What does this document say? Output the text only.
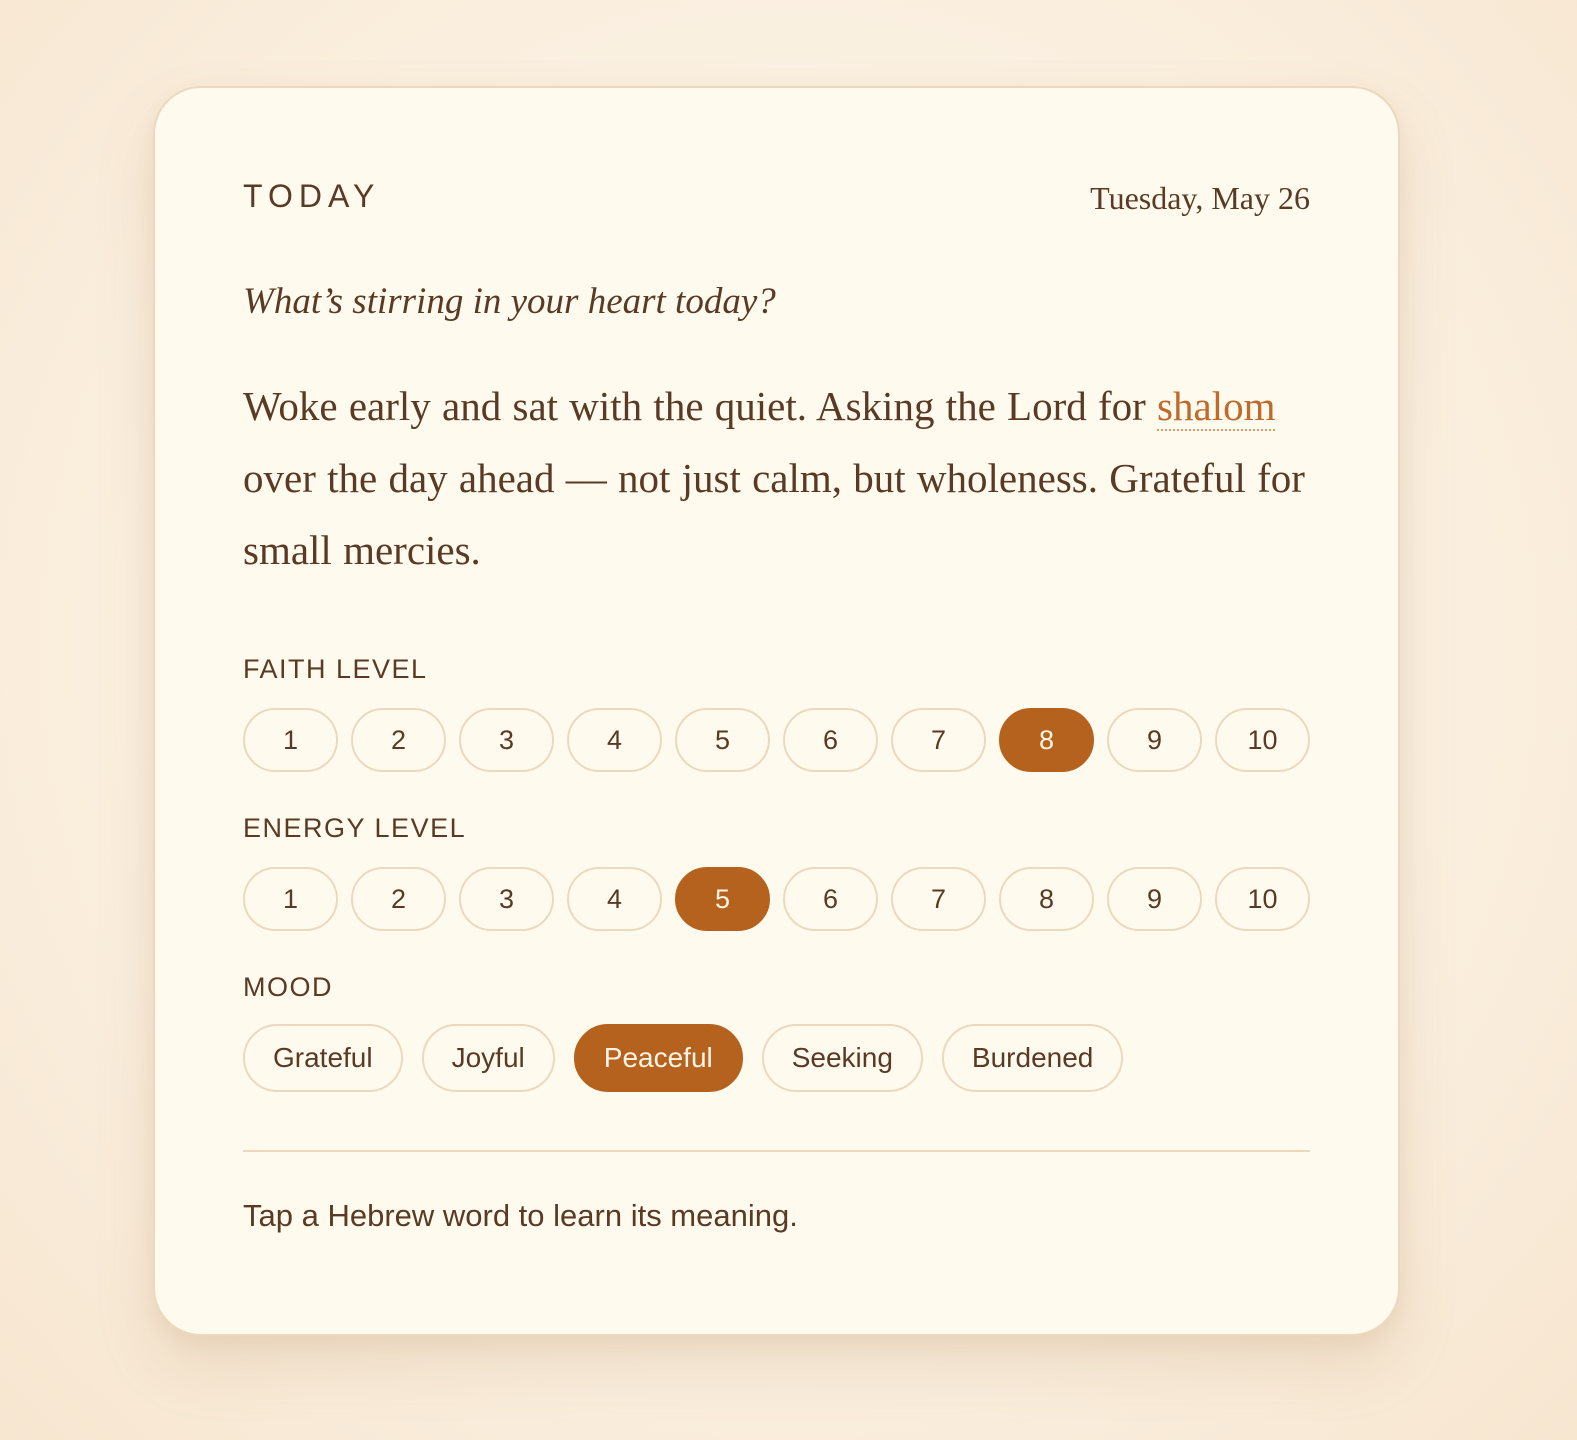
TODAY	Tuesday, May 26
What’s stirring in your heart today?
Woke early and sat with the quiet. Asking the Lord for shalom over the day ahead — not just calm, but wholeness. Grateful for small mercies.
FAITH LEVEL
1	2	3	4	5	6	7	8	9	10
ENERGY LEVEL
1	2	3	4	5	6	7	8	9	10
MOOD
Grateful	Joyful	Peaceful	Seeking	Burdened
Tap a Hebrew word to learn its meaning.
